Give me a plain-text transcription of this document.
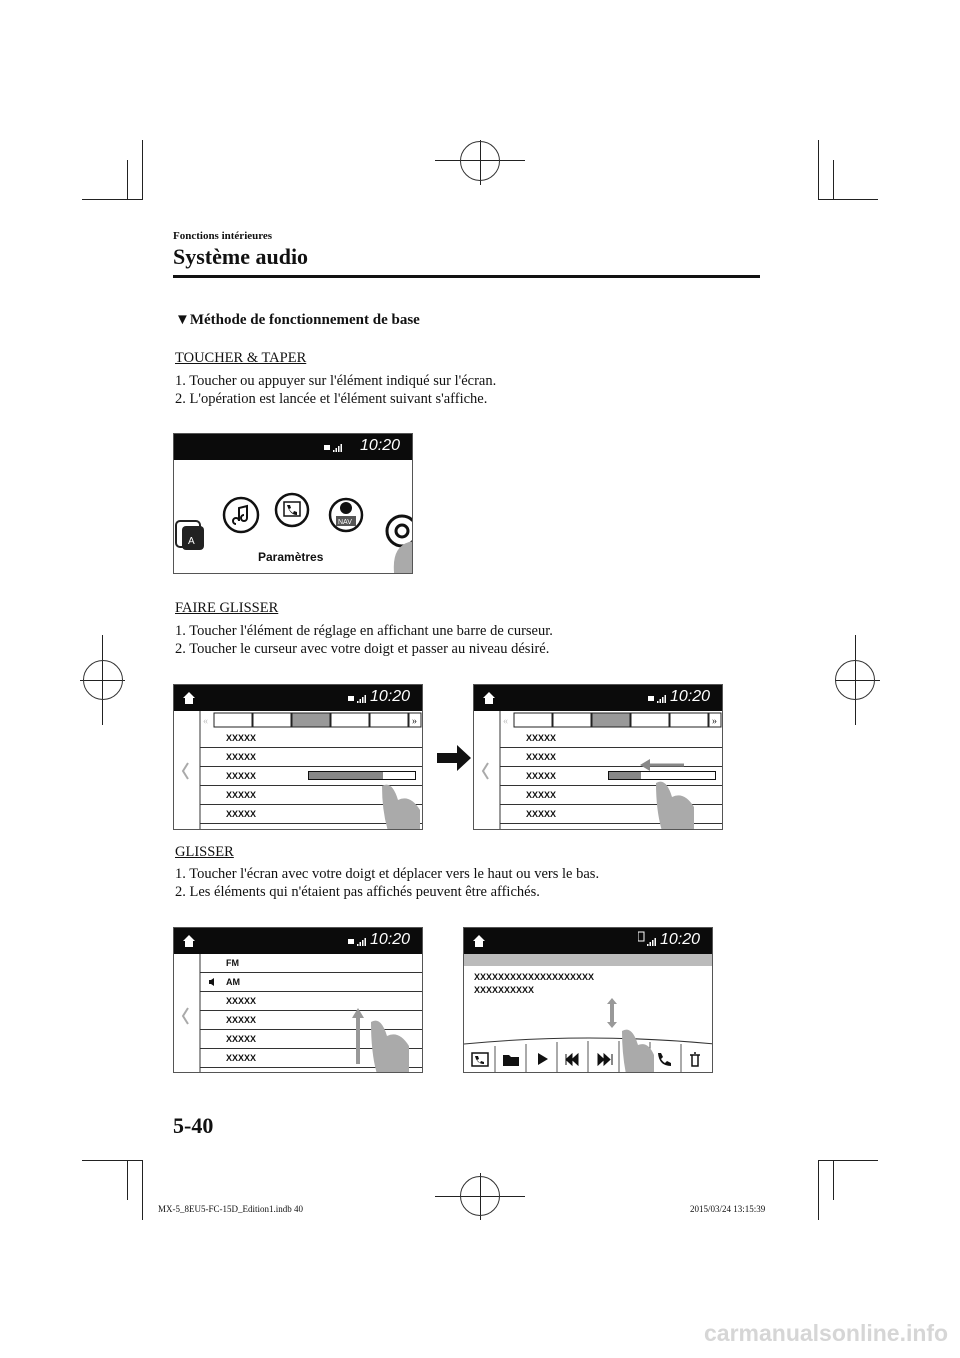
Fonctions intérieures
Système audio
▼Méthode de fonctionnement de base
TOUCHER & TAPER
1. Toucher ou appuyer sur l'élément indiqué sur l'écran.
2. L'opération est lancée et l'élément suivant s'affiche.
10:20
A
NAV
Paramètres
FAIRE GLISSER
1. Toucher l'élément de réglage en affichant une barre de curseur.
2. Toucher le curseur avec votre doigt et passer au niveau désiré.
10:20
»
«
XXXXX
XXXXX
XXXXX
XXXXX
XXXXX
10:20
»
«
XXXXX
XXXXX
XXXXX
XXXXX
XXXXX
GLISSER
1. Toucher l'écran avec votre doigt et déplacer vers le haut ou vers le bas.
2. Les éléments qui n'étaient pas affichés peuvent être affichés.
10:20
FM
AM
XXXXX
XXXXX
XXXXX
XXXXX
10:20
XXXXXXXXXXXXXXXXXXXX
XXXXXXXXXX
5-40
MX-5_8EU5-FC-15D_Edition1.indb 40	2015/03/24 13:15:39
carmanualsonline.info
